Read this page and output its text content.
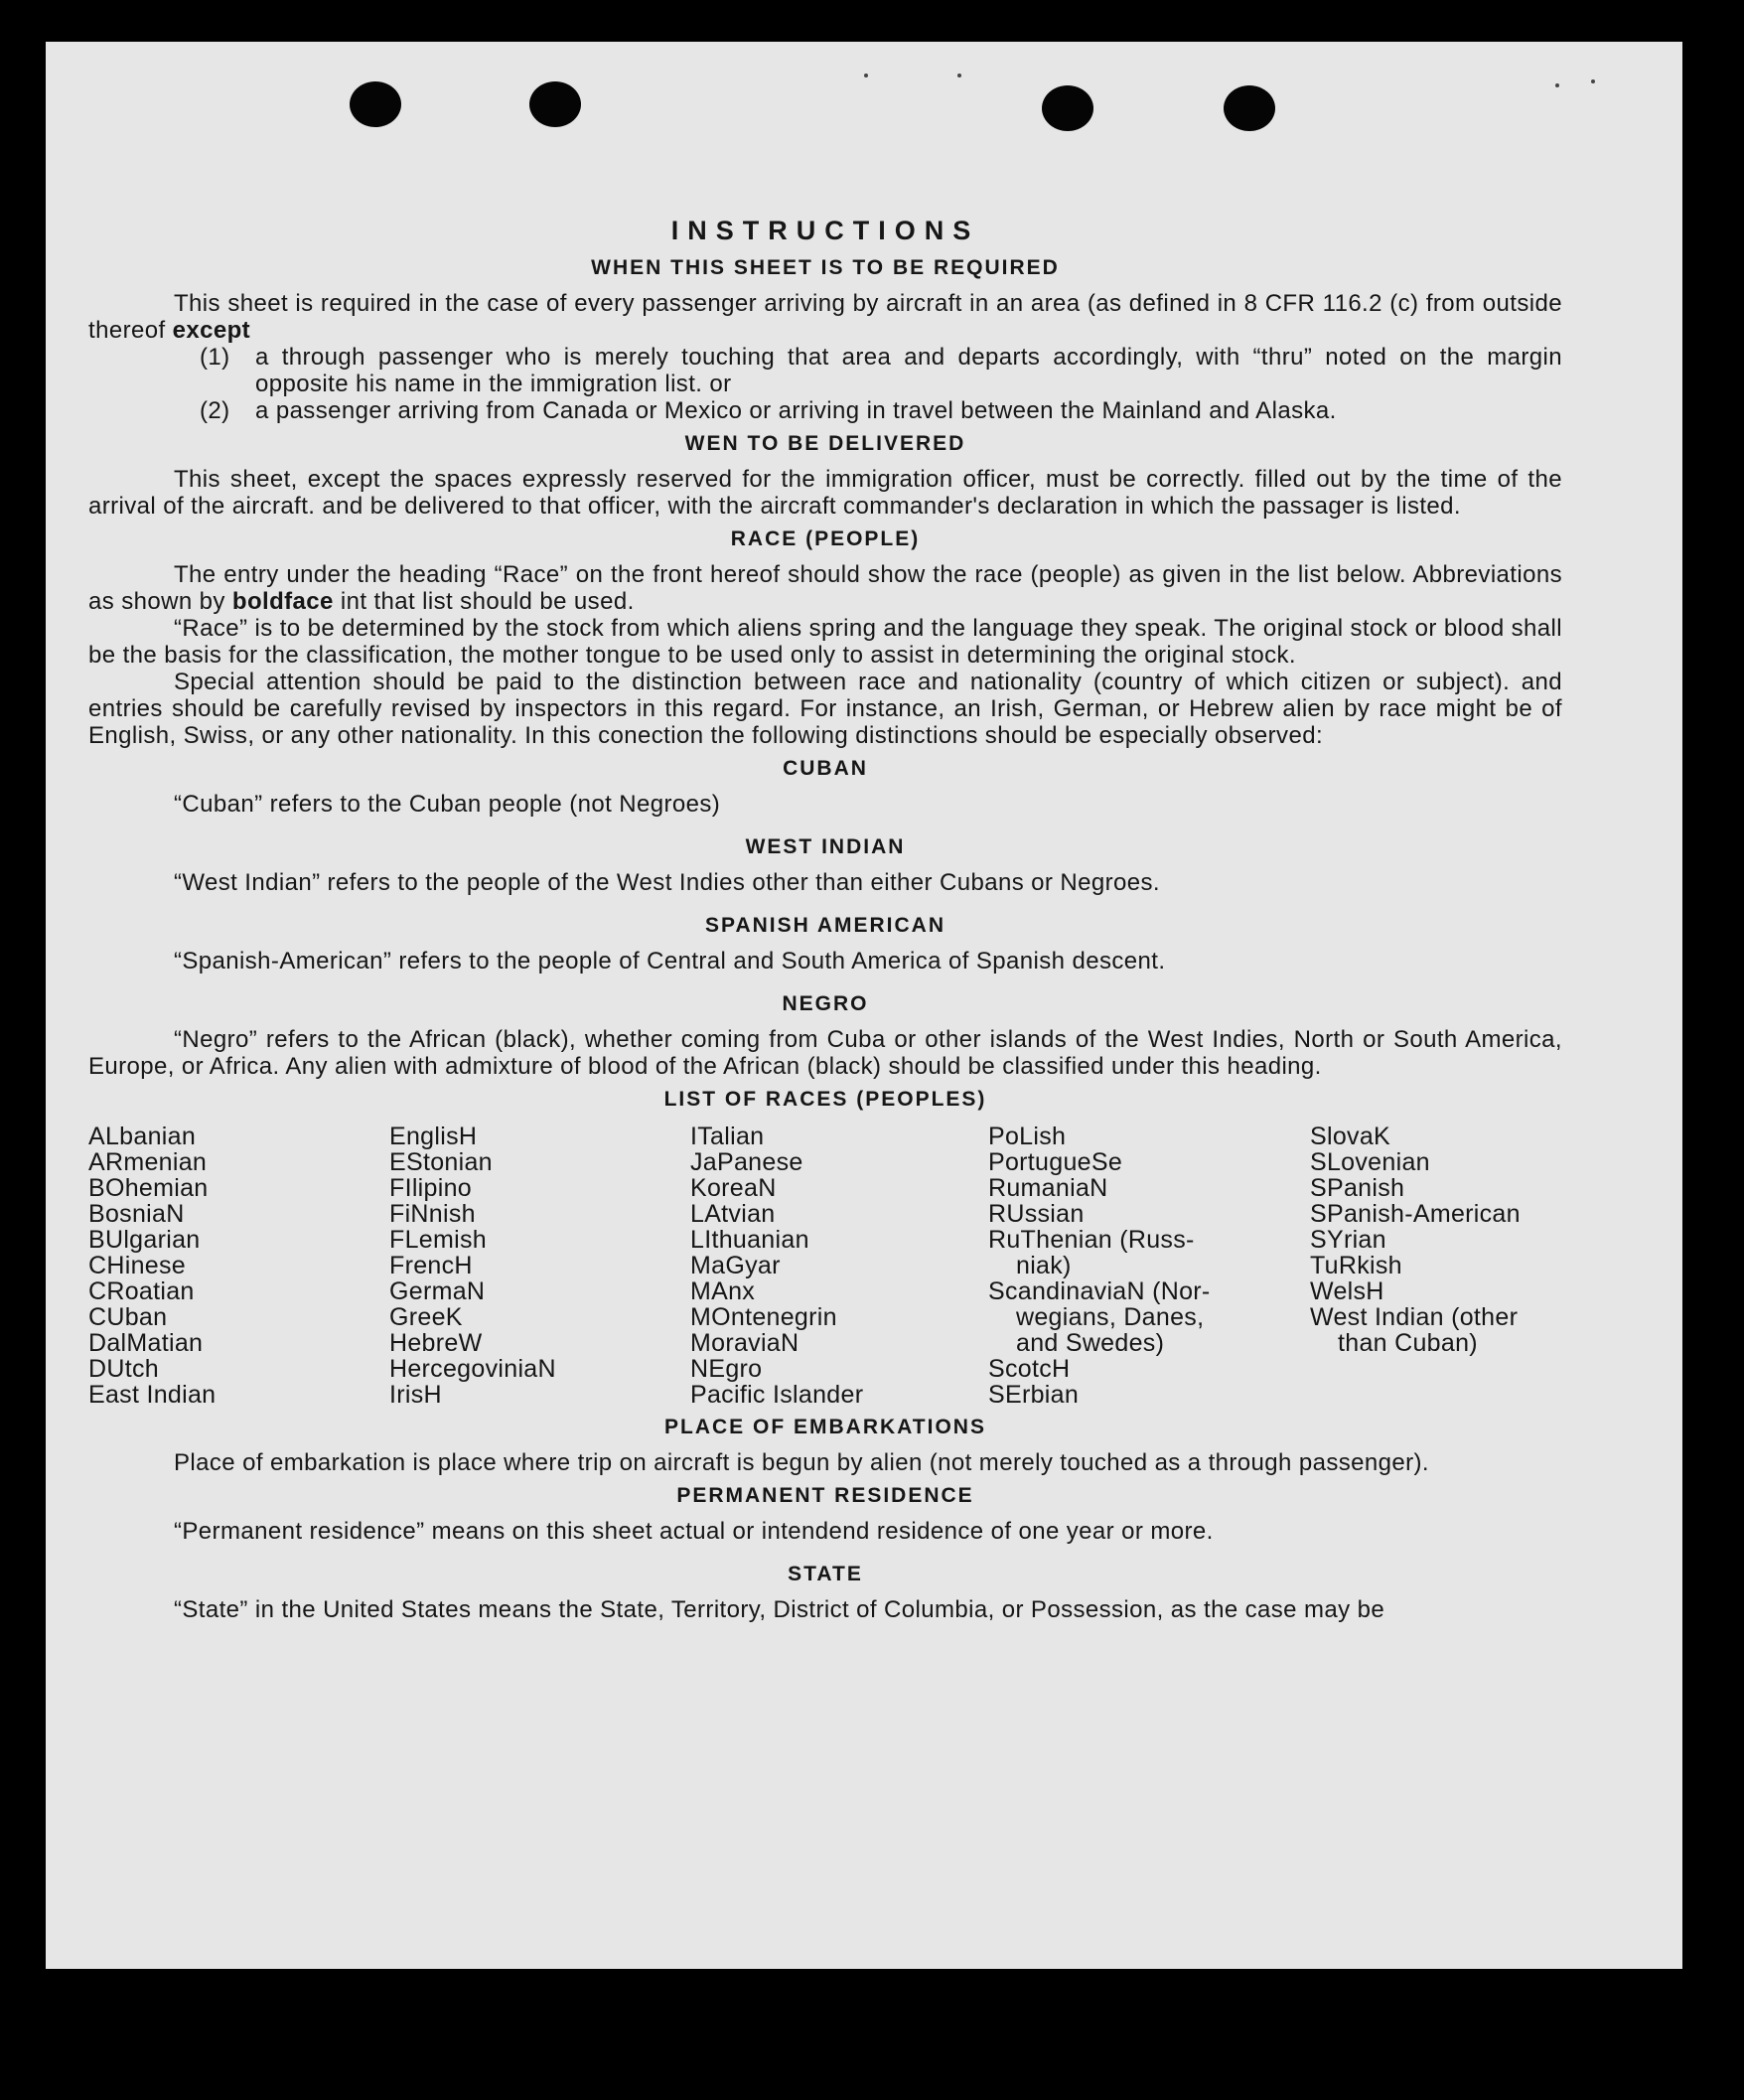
INSTRUCTIONS
WHEN THIS SHEET IS TO BE REQUIRED

This sheet is required in the case of every passenger arriving by aircraft in an area (as defined in 8 CFR 116.2 (c) from outside thereof except

(1)	a through passenger who is merely touching that area and departs accordingly, with “thru” noted on the margin opposite his name in the immigration list. or
(2)	a passenger arriving from Canada or Mexico or arriving in travel between the Mainland and Alaska.
WEN TO BE DELIVERED

This sheet, except the spaces expressly reserved for the immigration officer, must be correctly. filled out by the time of the arrival of the aircraft. and be delivered to that officer, with the aircraft commander's declaration in which the passager is listed.

RACE (PEOPLE)

The entry under the heading “Race” on the front hereof should show the race (people) as given in the list below. Abbreviations as shown by boldface int that list should be used.

“Race” is to be determined by the stock from which aliens spring and the language they speak. The original stock or blood shall be the basis for the classification, the mother tongue to be used only to assist in determining the original stock.

Special attention should be paid to the distinction between race and nationality (country of which citizen or subject). and entries should be carefully revised by inspectors in this regard. For instance, an Irish, German, or Hebrew alien by race might be of English, Swiss, or any other nationality. In this conection the following distinctions should be especially observed:

CUBAN

“Cuban” refers to the Cuban people (not Negroes)

WEST INDIAN

“West Indian” refers to the people of the West Indies other than either Cubans or Negroes.

SPANISH AMERICAN

“Spanish-American” refers to the people of Central and South America of Spanish descent.

NEGRO

“Negro” refers to the African (black), whether coming from Cuba or other islands of the West Indies, North or South America, Europe, or Africa. Any alien with admixture of blood of the African (black) should be classified under this heading.

LIST OF RACES (PEOPLES)
ALbanian
ARmenian
BOhemian
BosniaN
BUlgarian
CHinese
CRoatian
CUban
DalMatian
DUtch
East Indian
EnglisH
EStonian
FIlipino
FiNnish
FLemish
FrencH
GermaN
GreeK
HebreW
HercegoviniaN
IrisH
ITalian
JaPanese
KoreaN
LAtvian
LIthuanian
MaGyar
MAnx
MOntenegrin
MoraviaN
NEgro
Pacific Islander
PoLish
PortugueSe
RumaniaN
RUssian
RuThenian (Russ-
niak)
ScandinaviaN (Nor-
wegians, Danes,
and Swedes)
ScotcH
SErbian
SlovaK
SLovenian
SPanish
SPanish-American
SYrian
TuRkish
WelsH
West Indian (other
than Cuban)
PLACE OF EMBARKATIONS

Place of embarkation is place where trip on aircraft is begun by alien (not merely touched as a through passenger).

PERMANENT RESIDENCE

“Permanent residence” means on this sheet actual or intendend residence of one year or more.

STATE

“State” in the United States means the State, Territory, District of Columbia, or Possession, as the case may be
